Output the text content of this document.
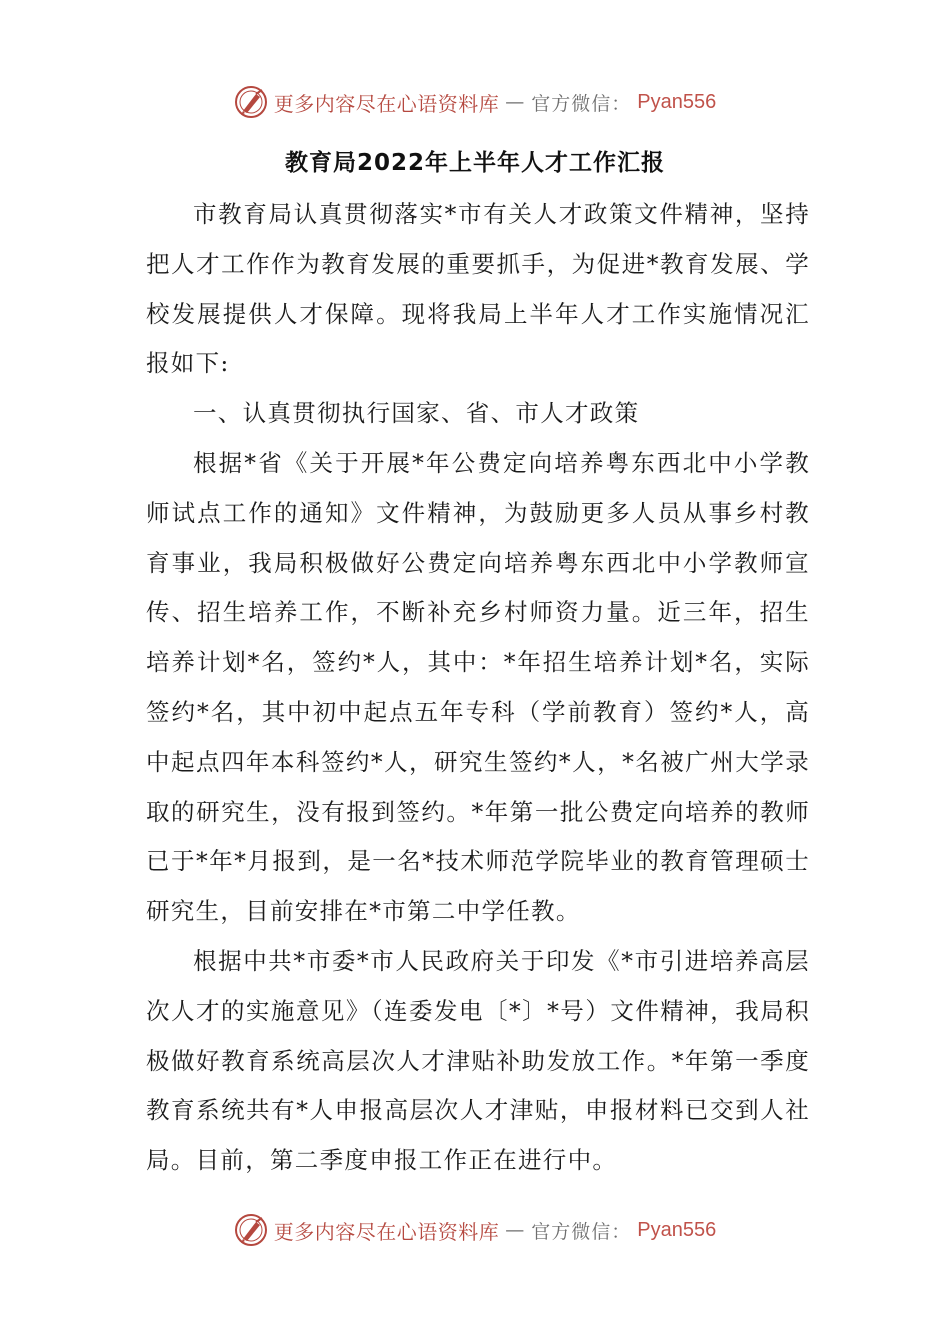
更多内容尽在心语资料库 — 官方微信： Pyan556
教育局2022年上半年人才工作汇报

市教育局认真贯彻落实*市有关人才政策文件精神，坚持把人才工作作为教育发展的重要抓手，为促进*教育发展、学校发展提供人才保障。现将我局上半年人才工作实施情况汇报如下:

一、认真贯彻执行国家、省、市人才政策

根据*省《关于开展*年公费定向培养粤东西北中小学教师试点工作的通知》文件精神，为鼓励更多人员从事乡村教育事业，我局积极做好公费定向培养粤东西北中小学教师宣传、招生培养工作，不断补充乡村师资力量。近三年，招生培养计划*名，签约*人，其中：*年招生培养计划*名，实际签约*名，其中初中起点五年专科（学前教育）签约*人，高中起点四年本科签约*人，研究生签约*人，*名被广州大学录取的研究生，没有报到签约。*年第一批公费定向培养的教师已于*年*月报到，是一名*技术师范学院毕业的教育管理硕士研究生，目前安排在*市第二中学任教。

根据中共*市委*市人民政府关于印发《*市引进培养高层次人才的实施意见》（连委发电〔*〕*号）文件精神，我局积极做好教育系统高层次人才津贴补助发放工作。*年第一季度教育系统共有*人申报高层次人才津贴，申报材料已交到人社局。目前，第二季度申报工作正在进行中。

更多内容尽在心语资料库 — 官方微信： Pyan556
